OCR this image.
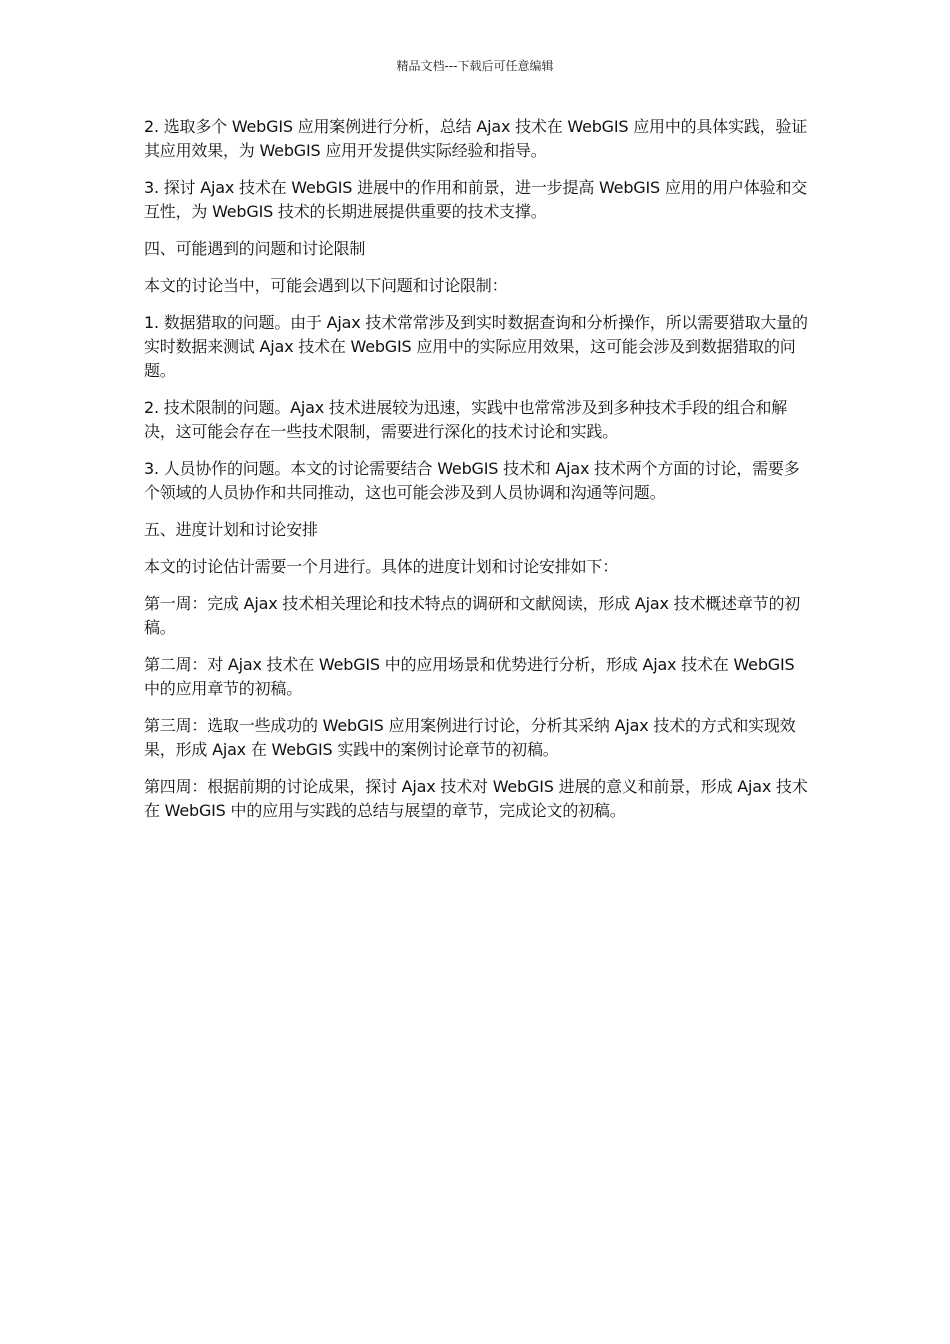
精品文档---下载后可任意编辑

2. 选取多个 WebGIS 应用案例进行分析，总结 Ajax 技术在 WebGIS 应用中的具体实践，验证其应用效果，为 WebGIS 应用开发提供实际经验和指导。

3. 探讨 Ajax 技术在 WebGIS 进展中的作用和前景，进一步提高 WebGIS 应用的用户体验和交互性，为 WebGIS 技术的长期进展提供重要的技术支撑。

四、可能遇到的问题和讨论限制

本文的讨论当中，可能会遇到以下问题和讨论限制：

1. 数据猎取的问题。由于 Ajax 技术常常涉及到实时数据查询和分析操作，所以需要猎取大量的实时数据来测试 Ajax 技术在 WebGIS 应用中的实际应用效果，这可能会涉及到数据猎取的问题。

2. 技术限制的问题。Ajax 技术进展较为迅速，实践中也常常涉及到多种技术手段的组合和解决，这可能会存在一些技术限制，需要进行深化的技术讨论和实践。

3. 人员协作的问题。本文的讨论需要结合 WebGIS 技术和 Ajax 技术两个方面的讨论，需要多个领域的人员协作和共同推动，这也可能会涉及到人员协调和沟通等问题。

五、进度计划和讨论安排

本文的讨论估计需要一个月进行。具体的进度计划和讨论安排如下：

第一周：完成 Ajax 技术相关理论和技术特点的调研和文献阅读，形成 Ajax 技术概述章节的初稿。

第二周：对 Ajax 技术在 WebGIS 中的应用场景和优势进行分析，形成 Ajax 技术在 WebGIS 中的应用章节的初稿。

第三周：选取一些成功的 WebGIS 应用案例进行讨论，分析其采纳 Ajax 技术的方式和实现效果，形成 Ajax 在 WebGIS 实践中的案例讨论章节的初稿。

第四周：根据前期的讨论成果，探讨 Ajax 技术对 WebGIS 进展的意义和前景，形成 Ajax 技术在 WebGIS 中的应用与实践的总结与展望的章节，完成论文的初稿。
